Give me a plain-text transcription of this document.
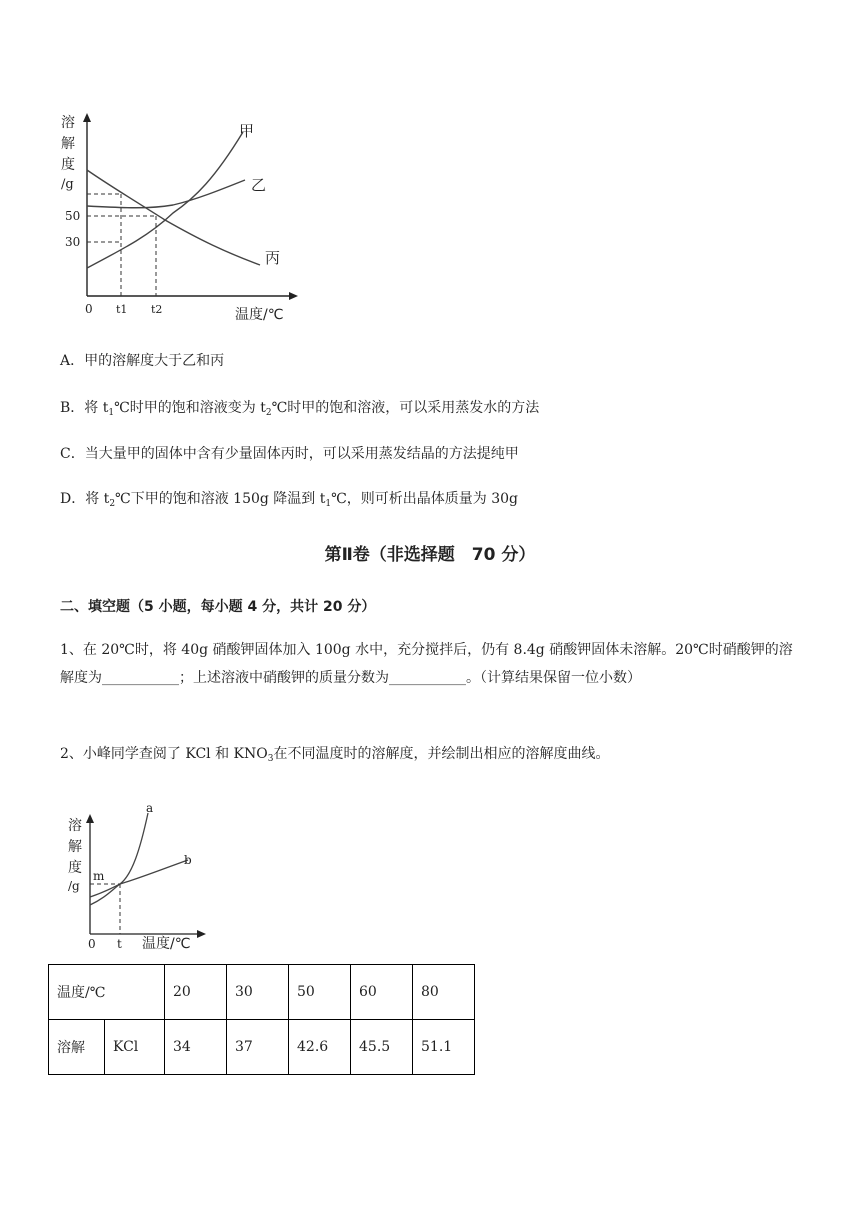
溶
解
度
/g
50
30
0 t1 t2	温度/℃
甲
乙
丙
A．甲的溶解度大于乙和丙
B．将 $t_1℃$时甲的饱和溶液变为 $t_2℃$时甲的饱和溶液，可以采用蒸发水的方法
C．当大量甲的固体中含有少量固体丙时，可以采用蒸发结晶的方法提纯甲
D．将 $t_2℃$下甲的饱和溶液 150g 降温到 $t_1℃$，则可析出晶体质量为 30g
第Ⅱ卷（非选择题　70 分）
二、填空题（5 小题，每小题 4 分，共计 20 分）
1、在 20℃时，将 40g 硝酸钾固体加入 100g 水中，充分搅拌后，仍有 8.4g 硝酸钾固体未溶解。20℃时硝酸钾的溶解度为___________；上述溶液中硝酸钾的质量分数为___________。（计算结果保留一位小数）
2、小峰同学查阅了 KCl 和 $KNO_3$在不同温度时的溶解度，并绘制出相应的溶解度曲线。
溶
解
度
/g
m
0 t 温度/℃
a
b
温度/℃		20	30	50	60	80
溶解	KCl	34	37	42.6	45.5	51.1
